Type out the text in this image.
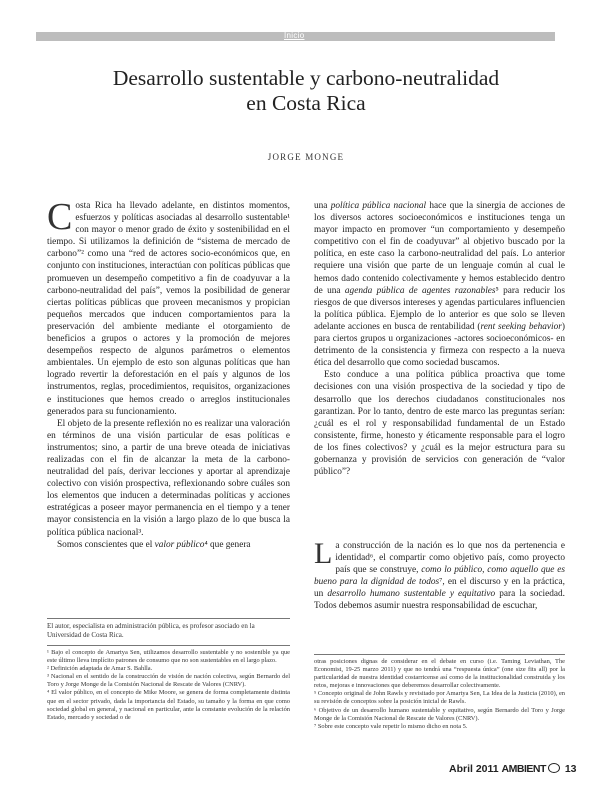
Inicio
Desarrollo sustentable y carbono-neutralidad
en Costa Rica
JORGE MONGE

Costa Rica ha llevado adelante, en distintos momentos, esfuerzos y políticas asociadas al desarrollo sustentable¹ con mayor o menor grado de éxito y sostenibilidad en el tiempo. Si utilizamos la definición de “sistema de mercado de carbono”² como una “red de actores socio-económicos que, en conjunto con instituciones, interactúan con políticas públicas que promueven un desempeño competitivo a fin de coadyuvar a la carbono-neutralidad del país”, vemos la posibilidad de generar ciertas políticas públicas que proveen mecanismos y propician pequeños mercados que inducen comportamientos para la preservación del ambiente mediante el otorgamiento de beneficios a grupos o actores y la promoción de mejores desempeños respecto de algunos parámetros o elementos ambientales. Un ejemplo de esto son algunas políticas que han logrado revertir la deforestación en el país y algunos de los instrumentos, reglas, procedimientos, requisitos, organizaciones e instituciones que hemos creado o arreglos institucionales generados para su funcionamiento.

El objeto de la presente reflexión no es realizar una valoración en términos de una visión particular de esas políticas e instrumentos; sino, a partir de una breve oteada de iniciativas realizadas con el fin de alcanzar la meta de la carbono-neutralidad del país, derivar lecciones y aportar al aprendizaje colectivo con visión prospectiva, reflexionando sobre cuáles son los elementos que inducen a determinadas políticas y acciones estratégicas a poseer mayor permanencia en el tiempo y a tener mayor consistencia en la visión a largo plazo de lo que busca la política pública nacional³.

Somos conscientes que el valor público⁴ que genera

una política pública nacional hace que la sinergia de acciones de los diversos actores socioeconómicos e instituciones tenga un mayor impacto en promover “un comportamiento y desempeño competitivo con el fin de coadyuvar” al objetivo buscado por la política, en este caso la carbono-neutralidad del país. Lo anterior requiere una visión que parte de un lenguaje común al cual le hemos dado contenido colectivamente y hemos establecido dentro de una agenda pública de agentes razonables⁵ para reducir los riesgos de que diversos intereses y agendas particulares influencien la política pública. Ejemplo de lo anterior es que solo se lleven adelante acciones en busca de rentabilidad (rent seeking behavior) para ciertos grupos u organizaciones -actores socioeconómicos- en detrimento de la consistencia y firmeza con respecto a la nueva ética del desarrollo que como sociedad buscamos.

Esto conduce a una política pública proactiva que tome decisiones con una visión prospectiva de la sociedad y tipo de desarrollo que los derechos ciudadanos constitucionales nos garantizan. Por lo tanto, dentro de este marco las preguntas serían: ¿cuál es el rol y responsabilidad fundamental de un Estado consistente, firme, honesto y éticamente responsable para el logro de los fines colectivos? y ¿cuál es la mejor estructura para su gobernanza y provisión de servicios con generación de “valor público”?

La construcción de la nación es lo que nos da pertenencia e identidad⁶, el compartir como objetivo país, como proyecto país que se construye, como lo público, como aquello que es bueno para la dignidad de todos⁷, en el discurso y en la práctica, un desarrollo humano sustentable y equitativo para la sociedad. Todos debemos asumir nuestra responsabilidad de escuchar,

El autor, especialista en administración pública, es profesor asociado en la Universidad de Costa Rica.

¹ Bajo el concepto de Amartya Sen, utilizamos desarrollo sustentable y no sostenible ya que este último lleva implícito patrones de consumo que no son sustentables en el largo plazo.

² Definición adaptada de Amar S. Bahlla.

³ Nacional en el sentido de la construcción de visión de nación colectiva, según Bernardo del Toro y Jorge Monge de la Comisión Nacional de Rescate de Valores (CNRV).

⁴ El valor público, en el concepto de Mike Moore, se genera de forma completamente distinta que en el sector privado, dada la importancia del Estado, su tamaño y la forma en que como sociedad global en general, y nacional en particular, ante la constante evolución de la relación Estado, mercado y sociedad o de

otras posiciones dignas de considerar en el debate en curso (i.e. Taming Leviathan, The Economist, 19-25 marzo 2011) y que no tendrá una “respuesta única” (one size fits all) por la particularidad de nuestra identidad costarricense así como de la institucionalidad construida y los retos, mejoras e innovaciones que deberemos desarrollar colectivamente.

⁵ Concepto original de John Rawls y revisitado por Amartya Sen, La Idea de la Justicia (2010), en su revisión de conceptos sobre la posición inicial de Rawls.

⁶ Objetivo de un desarrollo humano sustentable y equitativo, según Bernardo del Toro y Jorge Monge de la Comisión Nacional de Rescate de Valores (CNRV).

⁷ Sobre este concepto vale repetir lo mismo dicho en nota 5.

Abril 2011 AMBIENT 13
